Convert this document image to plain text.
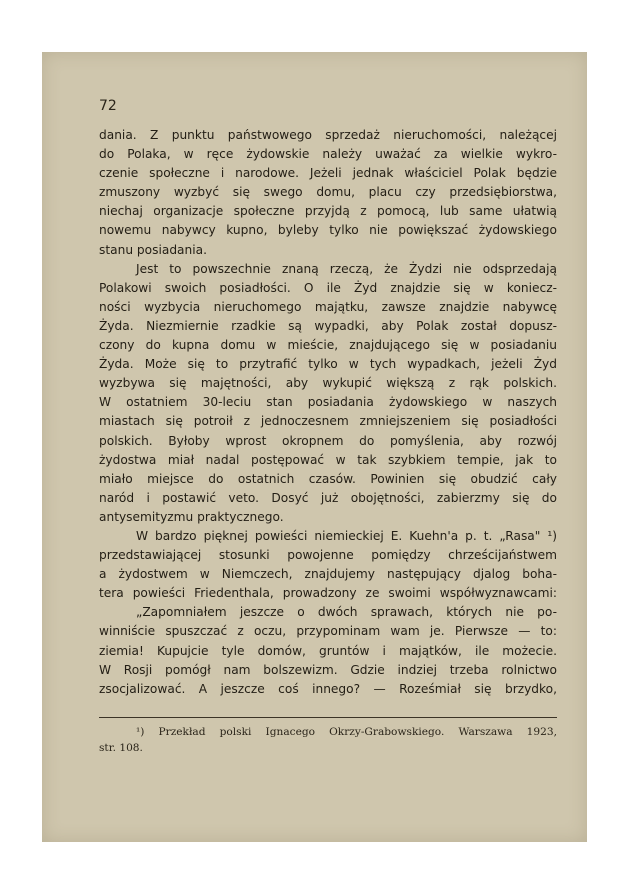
72
dania. Z punktu państwowego sprzedaż nieruchomości, należącej
do Polaka, w ręce żydowskie należy uważać za wielkie wykro-
czenie społeczne i narodowe. Jeżeli jednak właściciel Polak będzie
zmuszony wyzbyć się swego domu, placu czy przedsiębiorstwa,
niechaj organizacje społeczne przyjdą z pomocą, lub same ułatwią
nowemu nabywcy kupno, byleby tylko nie powiększać żydowskiego
stanu posiadania.
Jest to powszechnie znaną rzeczą, że Żydzi nie odsprzedają
Polakowi swoich posiadłości. O ile Żyd znajdzie się w koniecz-
ności wyzbycia nieruchomego majątku, zawsze znajdzie nabywcę
Żyda. Niezmiernie rzadkie są wypadki, aby Polak został dopusz-
czony do kupna domu w mieście, znajdującego się w posiadaniu
Żyda. Może się to przytrafić tylko w tych wypadkach, jeżeli Żyd
wyzbywa się majętności, aby wykupić większą z rąk polskich.
W ostatniem 30-leciu stan posiadania żydowskiego w naszych
miastach się potroił z jednoczesnem zmniejszeniem się posiadłości
polskich. Byłoby wprost okropnem do pomyślenia, aby rozwój
żydostwa miał nadal postępować w tak szybkiem tempie, jak to
miało miejsce do ostatnich czasów. Powinien się obudzić cały
naród i postawić veto. Dosyć już obojętności, zabierzmy się do
antysemityzmu praktycznego.
W bardzo pięknej powieści niemieckiej E. Kuehn'a p. t. „Rasa" ¹)
przedstawiającej stosunki powojenne pomiędzy chrześcijaństwem
a żydostwem w Niemczech, znajdujemy następujący djalog boha-
tera powieści Friedenthala, prowadzony ze swoimi współwyznawcami:
„Zapomniałem jeszcze o dwóch sprawach, których nie po-
winniście spuszczać z oczu, przypominam wam je. Pierwsze — to:
ziemia! Kupujcie tyle domów, gruntów i majątków, ile możecie.
W Rosji pomógł nam bolszewizm. Gdzie indziej trzeba rolnictwo
zsocjalizować. A jeszcze coś innego? — Roześmiał się brzydko,
¹) Przekład polski Ignacego Okrzy-Grabowskiego. Warszawa 1923,
str. 108.
